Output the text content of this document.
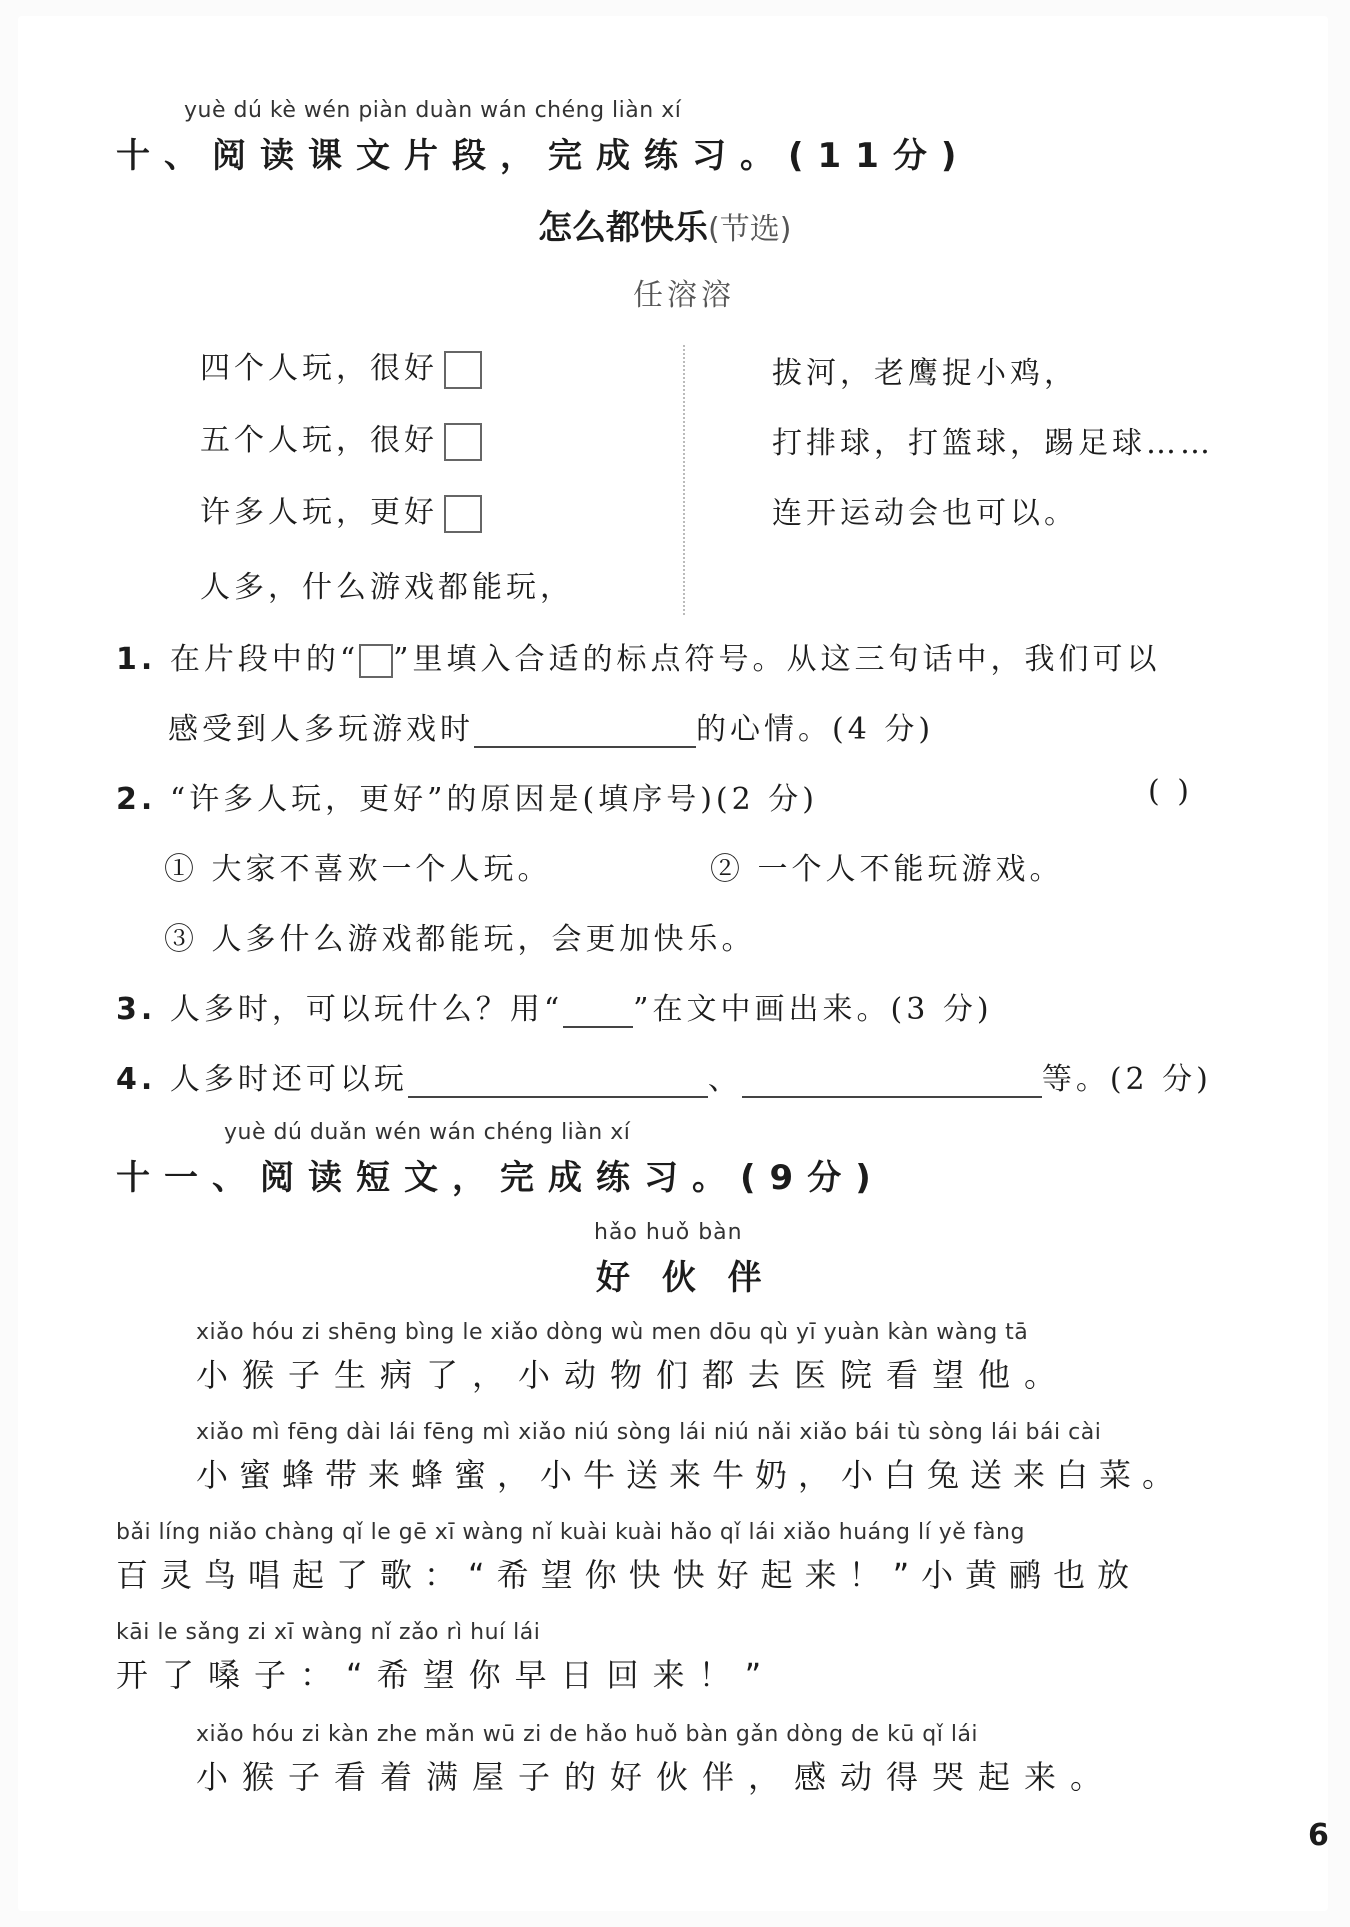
yuè dú kè wén piàn duàn wán chéng liàn xí
十、阅读课文片段，完成练习。(11分)
怎么都快乐(节选)
任溶溶
四个人玩，很好
五个人玩，很好
许多人玩，更好
人多，什么游戏都能玩，
拔河，老鹰捉小鸡，
打排球，打篮球，踢足球……
连开运动会也可以。
1. 在片段中的“ ”里填入合适的标点符号。从这三句话中，我们可以
感受到人多玩游戏时	的心情。(4 分)
2. “许多人玩，更好”的原因是(填序号)(2 分)	( )
① 大家不喜欢一个人玩。	② 一个人不能玩游戏。
③ 人多什么游戏都能玩，会更加快乐。
3. 人多时，可以玩什么？用“ ”在文中画出来。(3 分)
4. 人多时还可以玩	、	等。(2 分)
yuè dú duǎn wén wán chéng liàn xí
十一、阅读短文，完成练习。(9分)
hǎo huǒ bàn
好 伙 伴
xiǎo hóu zi shēng bìng le xiǎo dòng wù men dōu qù yī yuàn kàn wàng tā
小猴子生病了，小动物们都去医院看望他。
xiǎo mì fēng dài lái fēng mì xiǎo niú sòng lái niú nǎi xiǎo bái tù sòng lái bái cài
小蜜蜂带来蜂蜜，小牛送来牛奶，小白兔送来白菜。
bǎi líng niǎo chàng qǐ le gē xī wàng nǐ kuài kuài hǎo qǐ lái xiǎo huáng lí yě fàng
百灵鸟唱起了歌：“希望你快快好起来！”小黄鹂也放
kāi le sǎng zi xī wàng nǐ zǎo rì huí lái
开了嗓子：“希望你早日回来！”
xiǎo hóu zi kàn zhe mǎn wū zi de hǎo huǒ bàn gǎn dòng de kū qǐ lái
小猴子看着满屋子的好伙伴，感动得哭起来。
6
